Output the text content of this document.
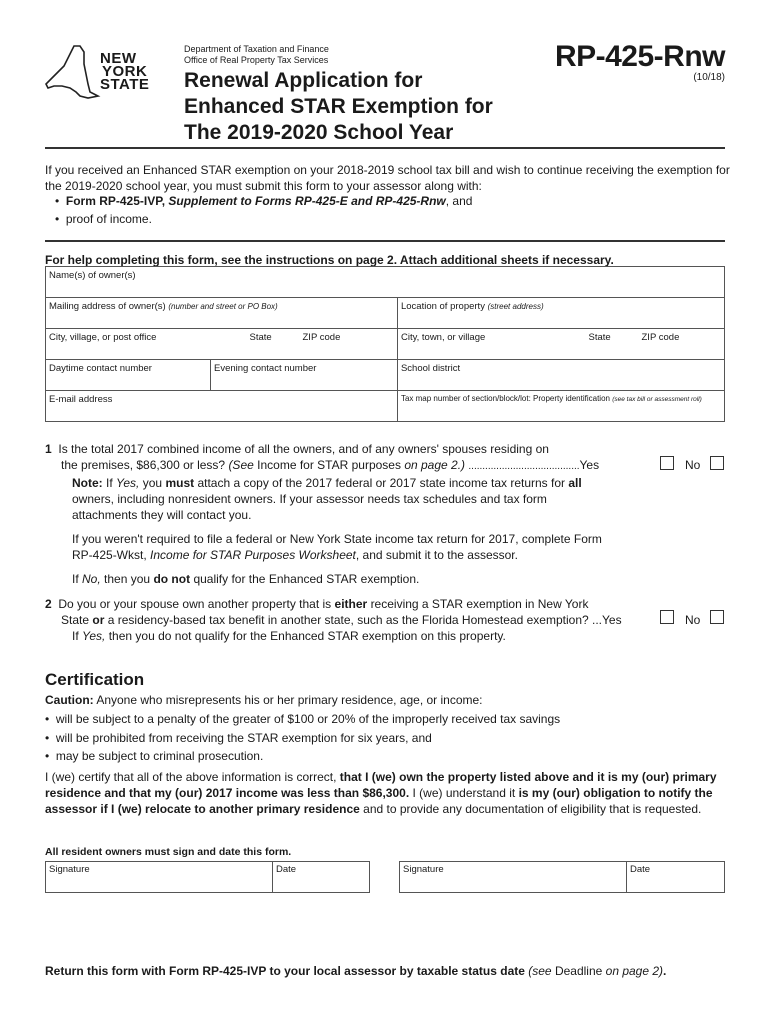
NEW
YORK
STATE
Department of Taxation and Finance
Office of Real Property Tax Services
Renewal Application for
Enhanced STAR Exemption for
The 2019-2020 School Year
RP-425-Rnw
(10/18)
If you received an Enhanced STAR exemption on your 2018-2019 school tax bill and wish to continue receiving the exemption for the 2019-2020 school year, you must submit this form to your assessor along with:
•  Form RP-425-IVP, Supplement to Forms RP-425-E and RP-425-Rnw, and
•  proof of income.
For help completing this form, see the instructions on page 2. Attach additional sheets if necessary.
Name(s) of owner(s)		
Mailing address of owner(s) (number and street or PO Box)		Location of property (street address)
City, village, or post office State ZIP code		City, town, or village State ZIP code

Daytime contact number	Evening contact number	School district
E-mail address		Tax map number of section/block/lot: Property identification (see tax bill or assessment roll)
1 Is the total 2017 combined income of all the owners, and of any owners' spouses residing on
the premises, $86,300 or less? (See Income for STAR purposes on page 2.) ........................................Yes	No
Note: If Yes, you must attach a copy of the 2017 federal or 2017 state income tax returns for all owners, including nonresident owners. If your assessor needs tax schedules and tax form attachments they will contact you.
If you weren't required to file a federal or New York State income tax return for 2017, complete Form RP-425-Wkst, Income for STAR Purposes Worksheet, and submit it to the assessor.
If No, then you do not qualify for the Enhanced STAR exemption.
2 Do you or your spouse own another property that is either receiving a STAR exemption in New York
State or a residency-based tax benefit in another state, such as the Florida Homestead exemption? ...Yes
If Yes, then you do not qualify for the Enhanced STAR exemption on this property.
No
Certification
Caution: Anyone who misrepresents his or her primary residence, age, or income:
•  will be subject to a penalty of the greater of $100 or 20% of the improperly received tax savings
•  will be prohibited from receiving the STAR exemption for six years, and
•  may be subject to criminal prosecution.
I (we) certify that all of the above information is correct, that I (we) own the property listed above and it is my (our) primary residence and that my (our) 2017 income was less than $86,300. I (we) understand it is my (our) obligation to notify the assessor if I (we) relocate to another primary residence and to provide any documentation of eligibility that is requested.
All resident owners must sign and date this form.
Signature	Date	Signature	Date
Return this form with Form RP-425-IVP to your local assessor by taxable status date (see Deadline on page 2).
